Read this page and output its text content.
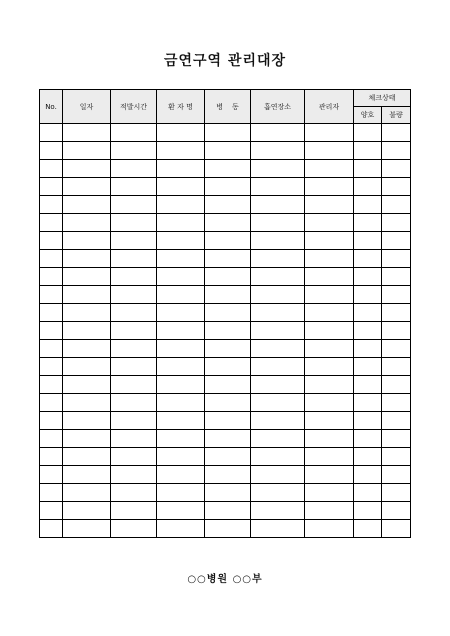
금연구역 관리대장
No.	일자	적발시간	환 자 명	병    동	흡연장소	관리자	체크상태	
							양호	불량

○○병원 ○○부
